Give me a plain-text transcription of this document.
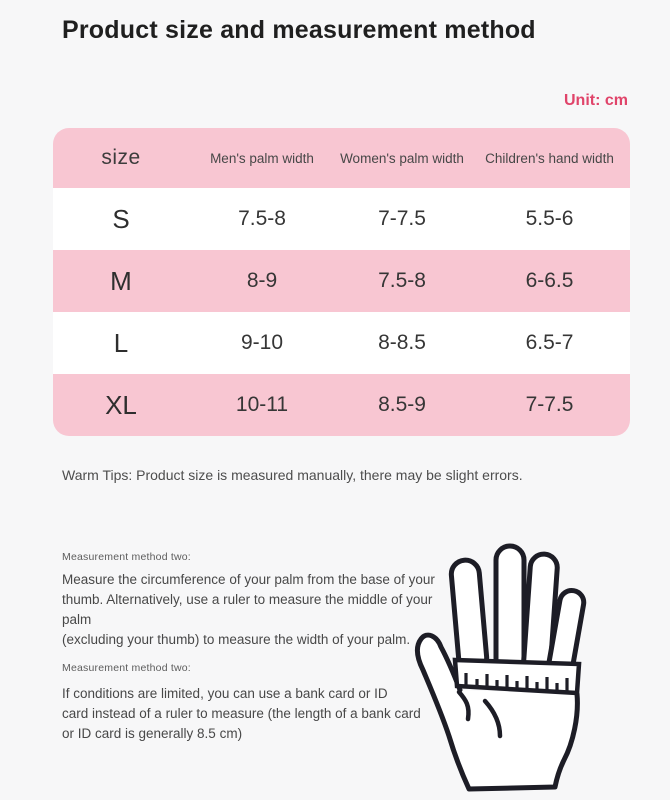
Product size and measurement method
Unit: cm
size	Men's palm width	Women's palm width	Children's hand width
S	7.5-8	7-7.5	5.5-6
M	8-9	7.5-8	6-6.5
L	9-10	8-8.5	6.5-7
XL	10-11	8.5-9	7-7.5
Warm Tips: Product size is measured manually, there may be slight errors.
Measurement method two:
Measure the circumference of your palm from the base of your
thumb. Alternatively, use a ruler to measure the middle of your palm
(excluding your thumb) to measure the width of your palm.
Measurement method two:
If conditions are limited, you can use a bank card or ID
card instead of a ruler to measure (the length of a bank card
or ID card is generally 8.5 cm)
